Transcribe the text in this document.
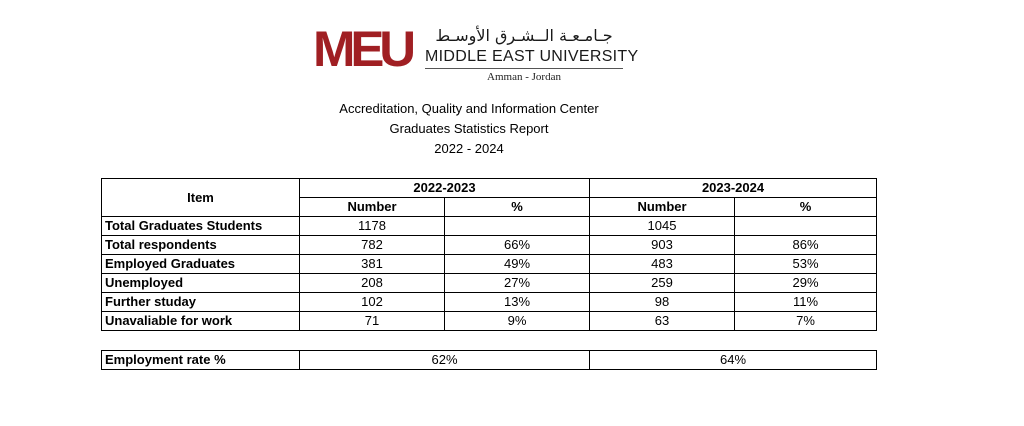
MEU	جـامـعـة الــشـرق الأوسـط
MIDDLE EAST UNIVERSITY
Amman - Jordan
Accreditation, Quality and Information Center
Graduates Statistics Report
2022 - 2024
Item	2022-2023		2023-2024	
	Number	%	Number	%
Total Graduates Students	1178		1045	
Total respondents	782	66%	903	86%
Employed Graduates	381	49%	483	53%
Unemployed	208	27%	259	29%
Further studay	102	13%	98	11%
Unavaliable for work	71	9%	63	7%
Employment rate %	62%	64%
